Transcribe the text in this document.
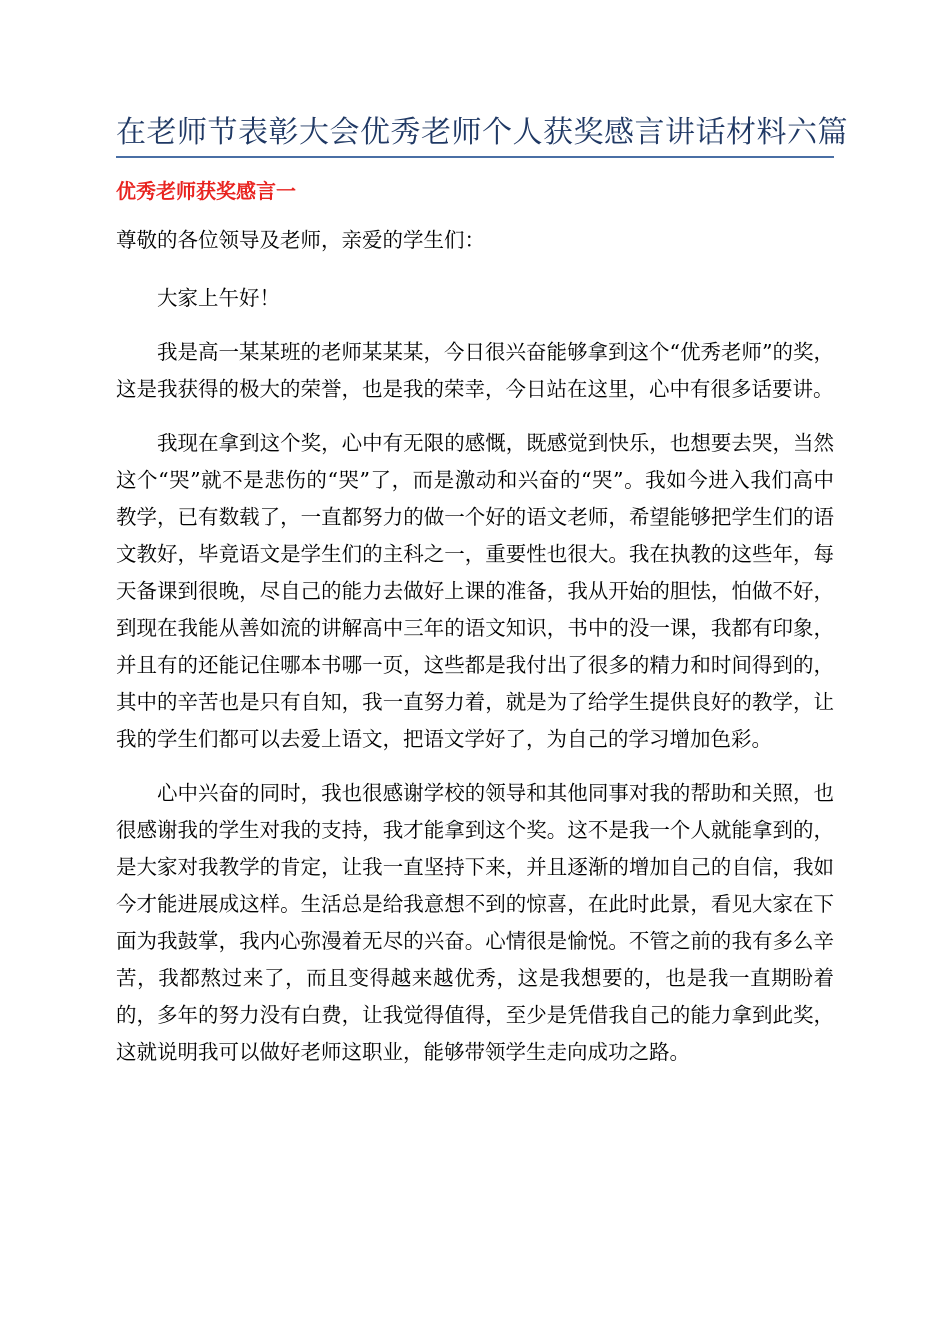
在老师节表彰大会优秀老师个人获奖感言讲话材料六篇
优秀老师获奖感言一

尊敬的各位领导及老师，亲爱的学生们：

大家上午好！

我是高一某某班的老师某某某，今日很兴奋能够拿到这个“优秀老师”的奖，这是我获得的极大的荣誉，也是我的荣幸，今日站在这里，心中有很多话要讲。

我现在拿到这个奖，心中有无限的感慨，既感觉到快乐，也想要去哭，当然这个“哭”就不是悲伤的“哭”了，而是激动和兴奋的“哭”。我如今进入我们高中教学，已有数载了，一直都努力的做一个好的语文老师，希望能够把学生们的语文教好，毕竟语文是学生们的主科之一，重要性也很大。我在执教的这些年，每天备课到很晚，尽自己的能力去做好上课的准备，我从开始的胆怯，怕做不好，到现在我能从善如流的讲解高中三年的语文知识，书中的没一课，我都有印象，并且有的还能记住哪本书哪一页，这些都是我付出了很多的精力和时间得到的，其中的辛苦也是只有自知，我一直努力着，就是为了给学生提供良好的教学，让我的学生们都可以去爱上语文，把语文学好了，为自己的学习增加色彩。

心中兴奋的同时，我也很感谢学校的领导和其他同事对我的帮助和关照，也很感谢我的学生对我的支持，我才能拿到这个奖。这不是我一个人就能拿到的，是大家对我教学的肯定，让我一直坚持下来，并且逐渐的增加自己的自信，我如今才能进展成这样。生活总是给我意想不到的惊喜，在此时此景，看见大家在下面为我鼓掌，我内心弥漫着无尽的兴奋。心情很是愉悦。不管之前的我有多么辛苦，我都熬过来了，而且变得越来越优秀，这是我想要的，也是我一直期盼着的，多年的努力没有白费，让我觉得值得，至少是凭借我自己的能力拿到此奖，这就说明我可以做好老师这职业，能够带领学生走向成功之路。
